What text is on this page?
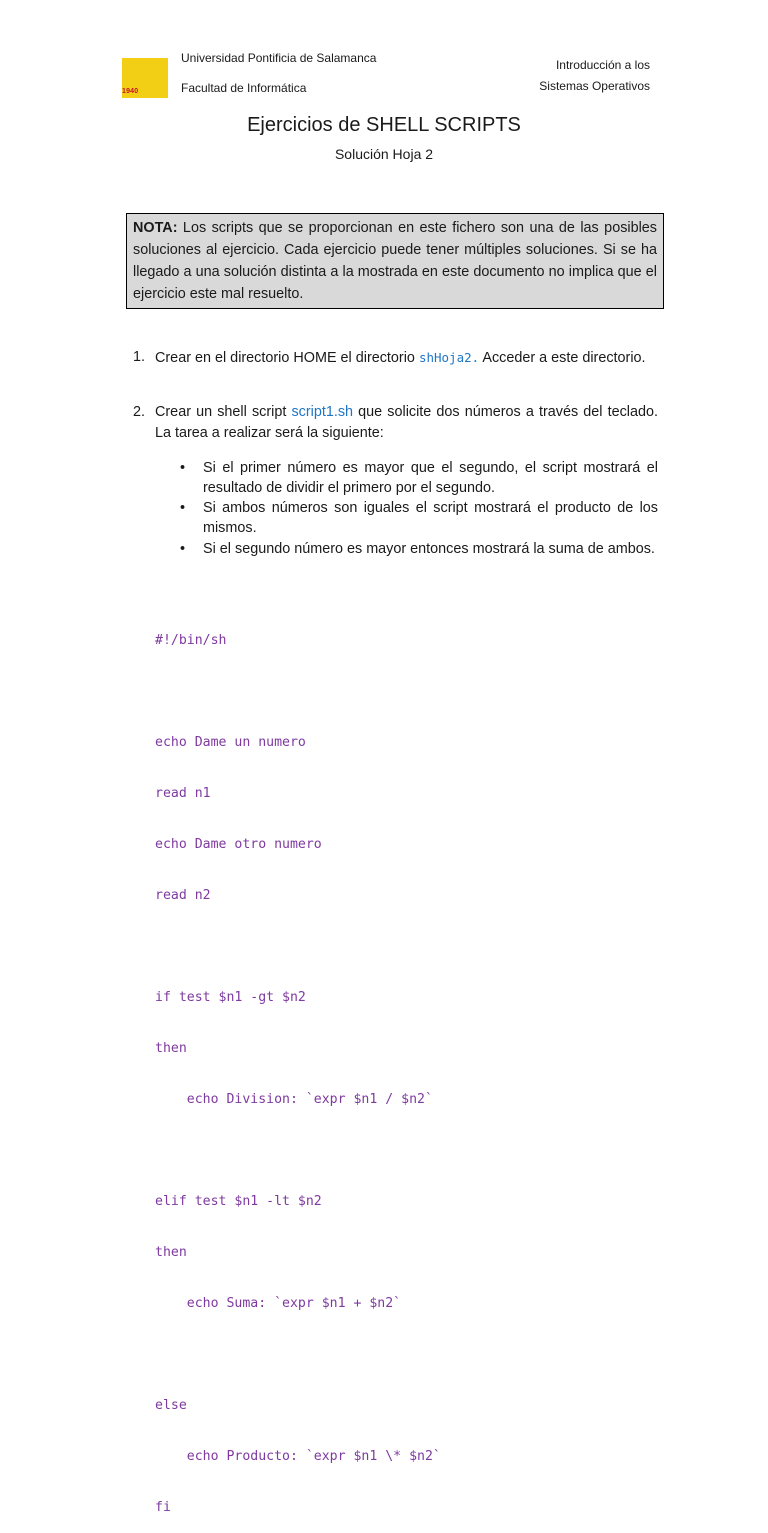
1940
Universidad Pontificia de Salamanca
Facultad de Informática
Introducción a los
Sistemas Operativos
Ejercicios de SHELL SCRIPTS
Solución Hoja 2
NOTA: Los scripts que se proporcionan en este fichero son una de las posibles soluciones al ejercicio. Cada ejercicio puede tener múltiples soluciones. Si se ha llegado a una solución distinta a la mostrada en este documento no implica que el ejercicio este mal resuelto.
1. Crear en el directorio HOME el directorio shHoja2. Acceder a este directorio.
2. Crear un shell script script1.sh que solicite dos números a través del teclado. La tarea a realizar será la siguiente:
• Si el primer número es mayor que el segundo, el script mostrará el resultado de dividir el primero por el segundo.
• Si ambos números son iguales el script mostrará el producto de los mismos.
• Si el segundo número es mayor entonces mostrará la suma de ambos.

#!/bin/sh

echo Dame un numero

read n1

echo Dame otro numero

read n2

if test $n1 -gt $n2

then

echo Division: `expr $n1 / $n2`

elif test $n1 -lt $n2

then

echo Suma: `expr $n1 + $n2`

else

echo Producto: `expr $n1 \* $n2`

fi
